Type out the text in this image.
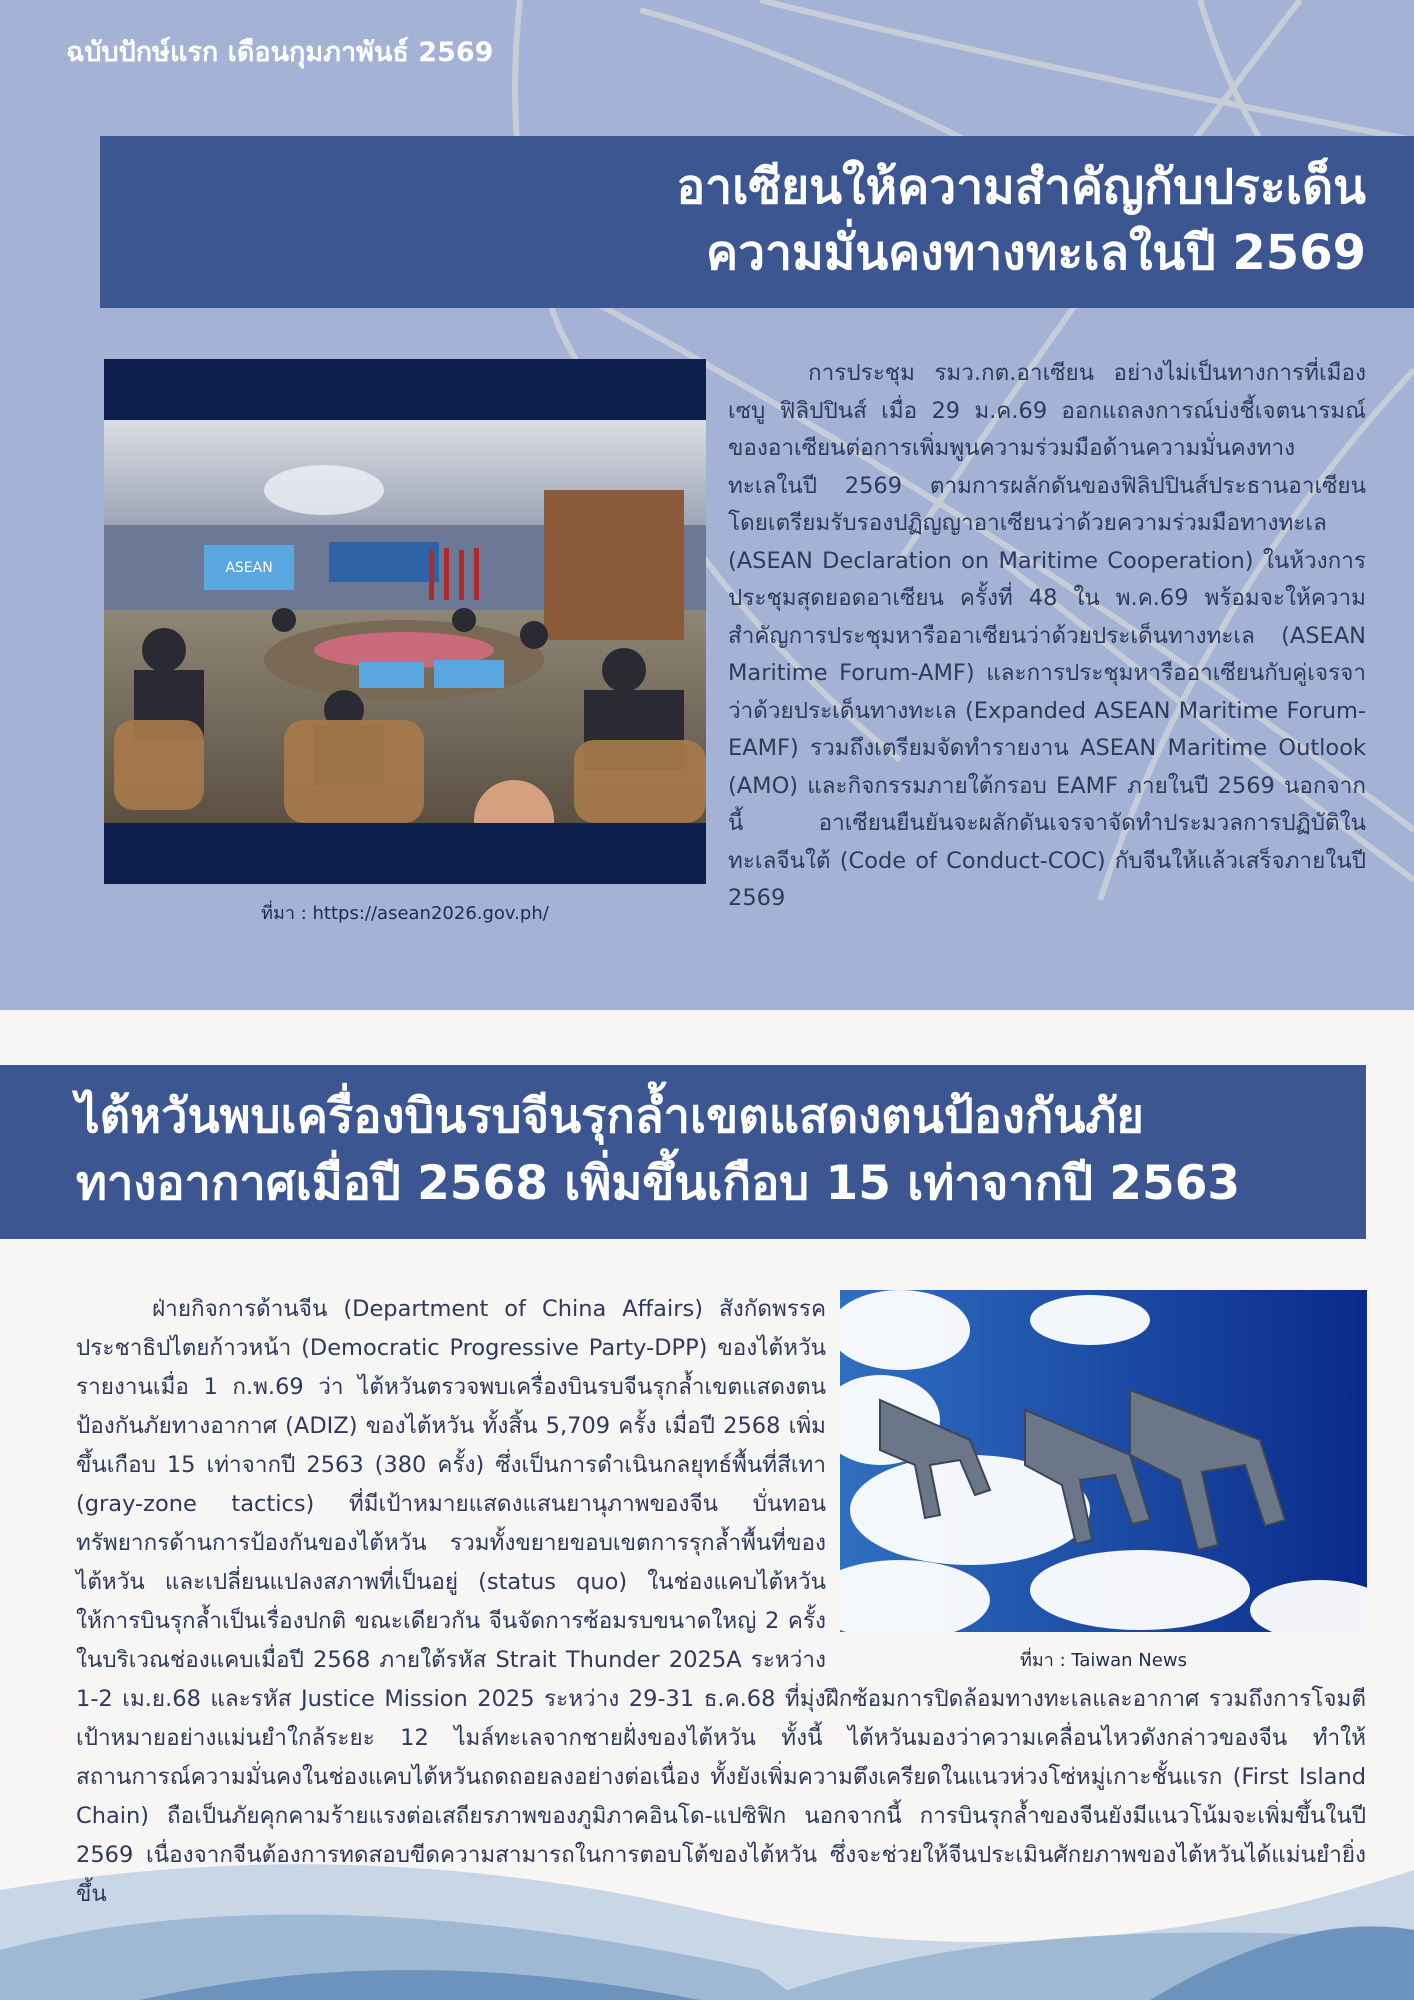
ฉบับปักษ์แรก เดือนกุมภาพันธ์ 2569
อาเซียนให้ความสำคัญกับประเด็น
ความมั่นคงทางทะเลในปี 2569
ASEAN
ที่มา : https://asean2026.gov.ph/

การประชุม รมว.กต.อาเซียน อย่างไม่เป็นทางการที่เมืองเซบู ฟิลิปปินส์ เมื่อ 29 ม.ค.69 ออกแถลงการณ์บ่งชี้เจตนารมณ์ของอาเซียนต่อการเพิ่มพูนความร่วมมือด้านความมั่นคงทางทะเลในปี 2569 ตามการผลักดันของฟิลิปปินส์ประธานอาเซียน โดยเตรียมรับรองปฏิญญาอาเซียนว่าด้วยความร่วมมือทางทะเล (ASEAN Declaration on Maritime Cooperation) ในห้วงการประชุมสุดยอดอาเซียน ครั้งที่ 48 ใน พ.ค.69 พร้อมจะให้ความสำคัญการประชุมหารืออาเซียนว่าด้วยประเด็นทางทะเล (ASEAN Maritime Forum-AMF) และการประชุมหารืออาเซียนกับคู่เจรจาว่าด้วยประเด็นทางทะเล (Expanded ASEAN Maritime Forum-EAMF) รวมถึงเตรียมจัดทำรายงาน ASEAN Maritime Outlook (AMO) และกิจกรรมภายใต้กรอบ EAMF ภายในปี 2569 นอกจากนี้ อาเซียนยืนยันจะผลักดันเจรจาจัดทำประมวลการปฏิบัติในทะเลจีนใต้ (Code of Conduct-COC) กับจีนให้แล้วเสร็จภายในปี 2569

ไต้หวันพบเครื่องบินรบจีนรุกล้ำเขตแสดงตนป้องกันภัย
ทางอากาศเมื่อปี 2568 เพิ่มขึ้นเกือบ 15 เท่าจากปี 2563
ที่มา : Taiwan News

ฝ่ายกิจการด้านจีน (Department of China Affairs) สังกัดพรรคประชาธิปไตยก้าวหน้า (Democratic Progressive Party-DPP) ของไต้หวัน รายงานเมื่อ 1 ก.พ.69 ว่า ไต้หวันตรวจพบเครื่องบินรบจีนรุกล้ำเขตแสดงตนป้องกันภัยทางอากาศ (ADIZ) ของไต้หวัน ทั้งสิ้น 5,709 ครั้ง เมื่อปี 2568 เพิ่มขึ้นเกือบ 15 เท่าจากปี 2563 (380 ครั้ง) ซึ่งเป็นการดำเนินกลยุทธ์พื้นที่สีเทา (gray-zone tactics) ที่มีเป้าหมายแสดงแสนยานุภาพของจีน บั่นทอนทรัพยากรด้านการป้องกันของไต้หวัน รวมทั้งขยายขอบเขตการรุกล้ำพื้นที่ของไต้หวัน และเปลี่ยนแปลงสภาพที่เป็นอยู่ (status quo) ในช่องแคบไต้หวัน ให้การบินรุกล้ำเป็นเรื่องปกติ ขณะเดียวกัน จีนจัดการซ้อมรบขนาดใหญ่ 2 ครั้ง ในบริเวณช่องแคบเมื่อปี 2568 ภายใต้รหัส Strait Thunder 2025A ระหว่าง 1-2 เม.ย.68 และรหัส Justice Mission 2025 ระหว่าง 29-31 ธ.ค.68 ที่มุ่งฝึกซ้อมการปิดล้อมทางทะเลและอากาศ รวมถึงการโจมตีเป้าหมายอย่างแม่นยำใกล้ระยะ 12 ไมล์ทะเลจากชายฝั่งของไต้หวัน ทั้งนี้ ไต้หวันมองว่าความเคลื่อนไหวดังกล่าวของจีน ทำให้สถานการณ์ความมั่นคงในช่องแคบไต้หวันถดถอยลงอย่างต่อเนื่อง ทั้งยังเพิ่มความตึงเครียดในแนวห่วงโซ่หมู่เกาะชั้นแรก (First Island Chain) ถือเป็นภัยคุกคามร้ายแรงต่อเสถียรภาพของภูมิภาคอินโด-แปซิฟิก นอกจากนี้ การบินรุกล้ำของจีนยังมีแนวโน้มจะเพิ่มขึ้นในปี 2569 เนื่องจากจีนต้องการทดสอบขีดความสามารถในการตอบโต้ของไต้หวัน ซึ่งจะช่วยให้จีนประเมินศักยภาพของไต้หวันได้แม่นยำยิ่งขึ้น
